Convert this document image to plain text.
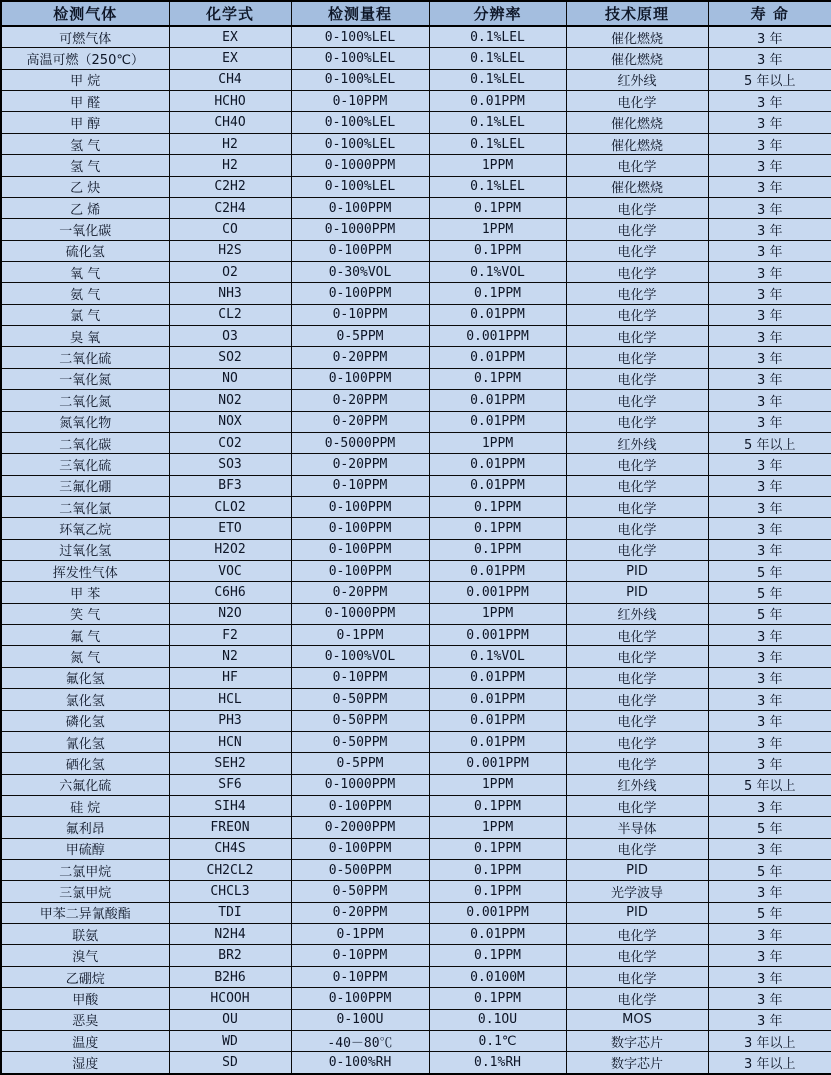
检测气体	化学式	检测量程	分辨率	技术原理	寿 命
可燃气体	EX	0-100%LEL	0.1%LEL	催化燃烧	3 年
高温可燃（250℃）	EX	0-100%LEL	0.1%LEL	催化燃烧	3 年
甲 烷	CH4	0-100%LEL	0.1%LEL	红外线	5 年以上
甲 醛	HCHO	0-10PPM	0.01PPM	电化学	3 年
甲 醇	CH4O	0-100%LEL	0.1%LEL	催化燃烧	3 年
氢 气	H2	0-100%LEL	0.1%LEL	催化燃烧	3 年
氢 气	H2	0-1000PPM	1PPM	电化学	3 年
乙 炔	C2H2	0-100%LEL	0.1%LEL	催化燃烧	3 年
乙 烯	C2H4	0-100PPM	0.1PPM	电化学	3 年
一氧化碳	CO	0-1000PPM	1PPM	电化学	3 年
硫化氢	H2S	0-100PPM	0.1PPM	电化学	3 年
氧 气	O2	0-30%VOL	0.1%VOL	电化学	3 年
氨 气	NH3	0-100PPM	0.1PPM	电化学	3 年
氯 气	CL2	0-10PPM	0.01PPM	电化学	3 年
臭 氧	O3	0-5PPM	0.001PPM	电化学	3 年
二氧化硫	SO2	0-20PPM	0.01PPM	电化学	3 年
一氧化氮	NO	0-100PPM	0.1PPM	电化学	3 年
二氧化氮	NO2	0-20PPM	0.01PPM	电化学	3 年
氮氧化物	NOX	0-20PPM	0.01PPM	电化学	3 年
二氧化碳	CO2	0-5000PPM	1PPM	红外线	5 年以上
三氧化硫	SO3	0-20PPM	0.01PPM	电化学	3 年
三氟化硼	BF3	0-10PPM	0.01PPM	电化学	3 年
二氧化氯	CLO2	0-100PPM	0.1PPM	电化学	3 年
环氧乙烷	ETO	0-100PPM	0.1PPM	电化学	3 年
过氧化氢	H2O2	0-100PPM	0.1PPM	电化学	3 年
挥发性气体	VOC	0-100PPM	0.01PPM	PID	5 年
甲 苯	C6H6	0-20PPM	0.001PPM	PID	5 年
笑 气	N2O	0-1000PPM	1PPM	红外线	5 年
氟 气	F2	0-1PPM	0.001PPM	电化学	3 年
氮 气	N2	0-100%VOL	0.1%VOL	电化学	3 年
氟化氢	HF	0-10PPM	0.01PPM	电化学	3 年
氯化氢	HCL	0-50PPM	0.01PPM	电化学	3 年
磷化氢	PH3	0-50PPM	0.01PPM	电化学	3 年
氰化氢	HCN	0-50PPM	0.01PPM	电化学	3 年
硒化氢	SEH2	0-5PPM	0.001PPM	电化学	3 年
六氟化硫	SF6	0-1000PPM	1PPM	红外线	5 年以上
硅 烷	SIH4	0-100PPM	0.1PPM	电化学	3 年
氟利昂	FREON	0-2000PPM	1PPM	半导体	5 年
甲硫醇	CH4S	0-100PPM	0.1PPM	电化学	3 年
二氯甲烷	CH2CL2	0-500PPM	0.1PPM	PID	5 年
三氯甲烷	CHCL3	0-50PPM	0.1PPM	光学波导	3 年
甲苯二异氰酸酯	TDI	0-20PPM	0.001PPM	PID	5 年
联氨	N2H4	0-1PPM	0.01PPM	电化学	3 年
溴气	BR2	0-10PPM	0.1PPM	电化学	3 年
乙硼烷	B2H6	0-10PPM	0.0100M	电化学	3 年
甲酸	HCOOH	0-100PPM	0.1PPM	电化学	3 年
恶臭	OU	0-10OU	0.1OU	MOS	3 年
温度	WD	-40－80℃	0.1℃	数字芯片	3 年以上
湿度	SD	0-100%RH	0.1%RH	数字芯片	3 年以上
